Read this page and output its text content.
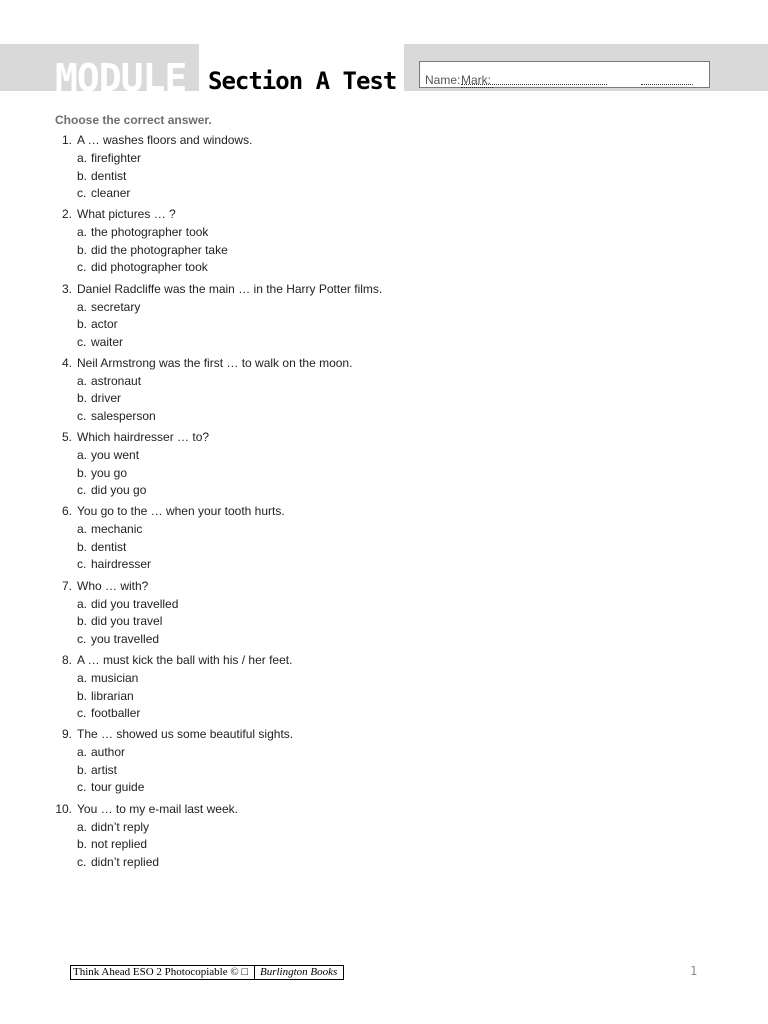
MODULE 2
Section A Test Name: Mark:
Choose the correct answer.
1. A … washes floors and windows.
a. firefighter
b. dentist
c. cleaner
2. What pictures … ?
a. the photographer took
b. did the photographer take
c. did photographer took
3. Daniel Radcliffe was the main … in the Harry Potter films.
a. secretary
b. actor
c. waiter
4. Neil Armstrong was the first … to walk on the moon.
a. astronaut
b. driver
c. salesperson
5. Which hairdresser … to?
a. you went
b. you go
c. did you go
6. You go to the … when your tooth hurts.
a. mechanic
b. dentist
c. hairdresser
7. Who … with?
a. did you travelled
b. did you travel
c. you travelled
8. A … must kick the ball with his / her feet.
a. musician
b. librarian
c. footballer
9. The … showed us some beautiful sights.
a. author
b. artist
c. tour guide
10. You … to my e-mail last week.
a. didn’t reply
b. not replied
c. didn’t replied
Think Ahead ESO 2 Photocopiable © □	Burlington Books	1
